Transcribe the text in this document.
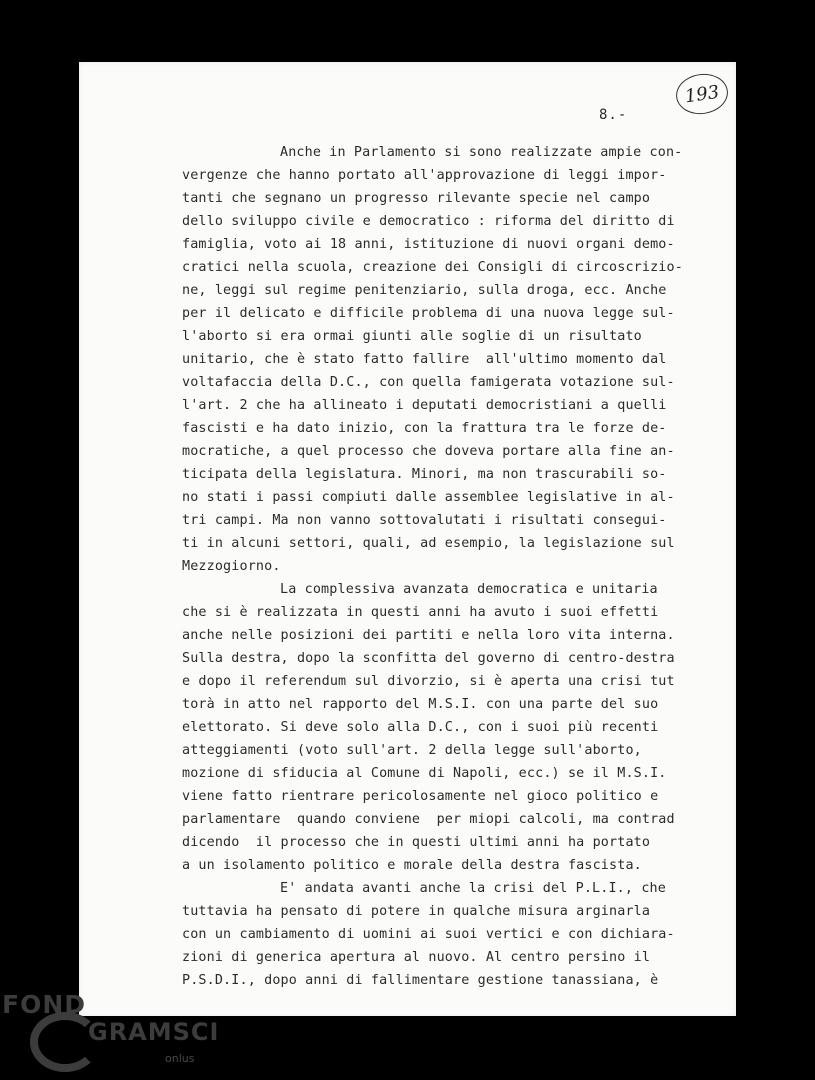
8.-
193
Anche in Parlamento si sono realizzate ampie con-
vergenze che hanno portato all'approvazione di leggi impor-
tanti che segnano un progresso rilevante specie nel campo
dello sviluppo civile e democratico : riforma del diritto di
famiglia, voto ai 18 anni, istituzione di nuovi organi demo-
cratici nella scuola, creazione dei Consigli di circoscrizio-
ne, leggi sul regime penitenziario, sulla droga, ecc. Anche
per il delicato e difficile problema di una nuova legge sul-
l'aborto si era ormai giunti alle soglie di un risultato
unitario, che è stato fatto fallire  all'ultimo momento dal
voltafaccia della D.C., con quella famigerata votazione sul-
l'art. 2 che ha allineato i deputati democristiani a quelli
fascisti e ha dato inizio, con la frattura tra le forze de-
mocratiche, a quel processo che doveva portare alla fine an-
ticipata della legislatura. Minori, ma non trascurabili so-
no stati i passi compiuti dalle assemblee legislative in al-
tri campi. Ma non vanno sottovalutati i risultati consegui-
ti in alcuni settori, quali, ad esempio, la legislazione sul
Mezzogiorno.
La complessiva avanzata democratica e unitaria
che si è realizzata in questi anni ha avuto i suoi effetti
anche nelle posizioni dei partiti e nella loro vita interna.
Sulla destra, dopo la sconfitta del governo di centro-destra
e dopo il referendum sul divorzio, si è aperta una crisi tut
torà in atto nel rapporto del M.S.I. con una parte del suo
elettorato. Si deve solo alla D.C., con i suoi più recenti
atteggiamenti (voto sull'art. 2 della legge sull'aborto,
mozione di sfiducia al Comune di Napoli, ecc.) se il M.S.I.
viene fatto rientrare pericolosamente nel gioco politico e
parlamentare  quando conviene  per miopi calcoli, ma contrad
dicendo  il processo che in questi ultimi anni ha portato
a un isolamento politico e morale della destra fascista.
E' andata avanti anche la crisi del P.L.I., che
tuttavia ha pensato di potere in qualche misura arginarla
con un cambiamento di uomini ai suoi vertici e con dichiara-
zioni di generica apertura al nuovo. Al centro persino il
P.S.D.I., dopo anni di fallimentare gestione tanassiana, è
FOND
GRAMSCI
onlus
